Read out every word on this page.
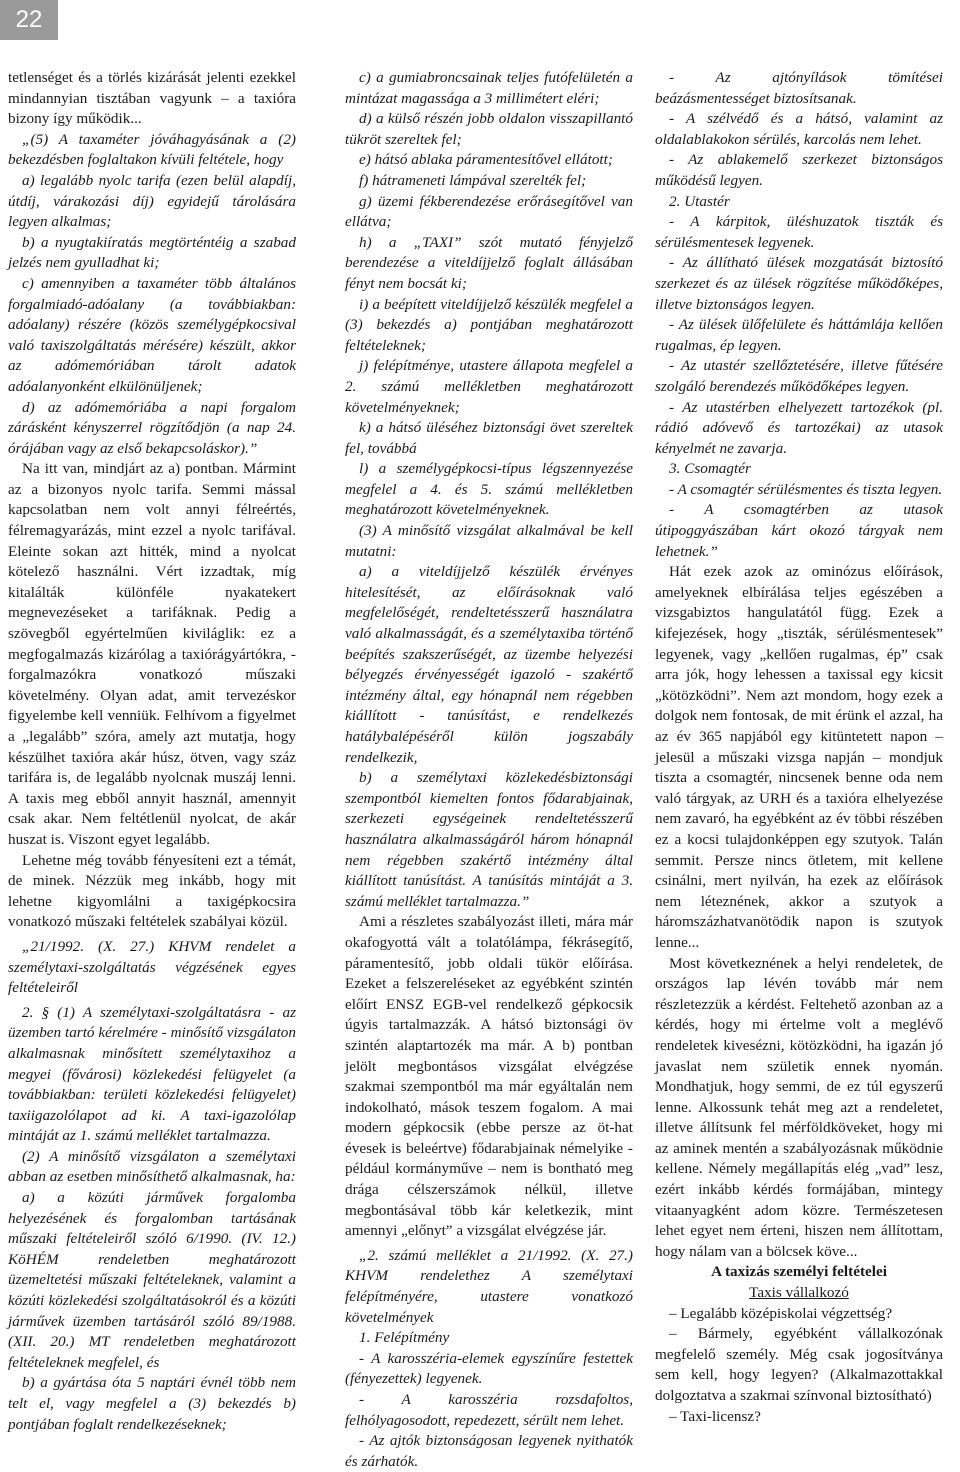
22

tetlenséget és a törlés kizárását jelenti ezekkel mindannyian tisztában vagyunk – a taxióra bizony így működik...

„(5) A taxaméter jóváhagyásának a (2) bekezdésben foglaltakon kívüli feltétele, hogy

a) legalább nyolc tarifa (ezen belül alapdíj, útdíj, várakozási díj) egyidejű tárolására legyen alkalmas;

b) a nyugtakiíratás megtörténtéig a szabad jelzés nem gyulladhat ki;

c) amennyiben a taxaméter több általános forgalmiadó-adóalany (a továbbiakban: adóalany) részére (közös személygépkocsival való taxiszolgáltatás mérésére) készült, akkor az adómemóriában tárolt adatok adóalanyonként elkülönüljenek;

d) az adómemóriába a napi forgalom zárásként kényszerrel rögzítődjön (a nap 24. órájában vagy az első bekapcsoláskor).”

Na itt van, mindjárt az a) pontban. Mármint az a bizonyos nyolc tarifa. Semmi mással kapcsolatban nem volt annyi félreértés, félremagyarázás, mint ezzel a nyolc tarifával. Eleinte sokan azt hitték, mind a nyolcat kötelező használni. Vért izzadtak, míg kitalálták különféle nyakatekert megnevezéseket a tarifáknak. Pedig a szövegből egyértelműen kiviláglik: ez a megfogalmazás kizárólag a taxiórágyártókra, -forgalmazókra vonatkozó műszaki követelmény. Olyan adat, amit tervezéskor figyelembe kell venniük. Felhívom a figyelmet a „legalább” szóra, amely azt mutatja, hogy készülhet taxióra akár húsz, ötven, vagy száz tarifára is, de legalább nyolcnak muszáj lenni. A taxis meg ebből annyit használ, amennyit csak akar. Nem feltétlenül nyolcat, de akár huszat is. Viszont egyet legalább.

Lehetne még tovább fényesíteni ezt a témát, de minek. Nézzük meg inkább, hogy mit lehetne kigyomlálni a taxigépkocsira vonatkozó műszaki feltételek szabályai közül.

„21/1992. (X. 27.) KHVM rendelet a személytaxi-szolgáltatás végzésének egyes feltételeiről

2. § (1) A személytaxi-szolgáltatásra - az üzemben tartó kérelmére - minősítő vizsgálaton alkalmasnak minősített személytaxihoz a megyei (fővárosi) közlekedési felügyelet (a továbbiakban: területi közlekedési felügyelet) taxiigazolólapot ad ki. A taxi-igazolólap mintáját az 1. számú melléklet tartalmazza.

(2) A minősítő vizsgálaton a személytaxi abban az esetben minősíthető alkalmasnak, ha:

a) a közúti járművek forgalomba helyezésének és forgalomban tartásának műszaki feltételeiről szóló 6/1990. (IV. 12.) KöHÉM rendeletben meghatározott üzemeltetési műszaki feltételeknek, valamint a közúti közlekedési szolgáltatásokról és a közúti járművek üzemben tartásáról szóló 89/1988. (XII. 20.) MT rendeletben meghatározott feltételeknek megfelel, és

b) a gyártása óta 5 naptári évnél több nem telt el, vagy megfelel a (3) bekezdés b) pontjában foglalt rendelkezéseknek;

c) a gumiabroncsainak teljes futófelületén a mintázat magassága a 3 millimétert eléri;

d) a külső részén jobb oldalon visszapillantó tükröt szereltek fel;

e) hátsó ablaka páramentesítővel ellátott;

f) hátrameneti lámpával szerelték fel;

g) üzemi fékberendezése erőrásegítővel van ellátva;

h) a „TAXI” szót mutató fényjelző berendezése a viteldíjjelző foglalt állásában fényt nem bocsát ki;

i) a beépített viteldíjjelző készülék megfelel a (3) bekezdés a) pontjában meghatározott feltételeknek;

j) felépítménye, utastere állapota megfelel a 2. számú mellékletben meghatározott követelményeknek;

k) a hátsó üléséhez biztonsági övet szereltek fel, továbbá

l) a személygépkocsi-típus légszennyezése megfelel a 4. és 5. számú mellékletben meghatározott követelményeknek.

(3) A minősítő vizsgálat alkalmával be kell mutatni:

a) a viteldíjjelző készülék érvényes hitelesítését, az előírásoknak való megfelelőségét, rendeltetésszerű használatra való alkalmasságát, és a személytaxiba történő beépítés szakszerűségét, az üzembe helyezési bélyegzés érvényességét igazoló - szakértő intézmény által, egy hónapnál nem régebben kiállított - tanúsítást, e rendelkezés hatálybalépéséről külön jogszabály rendelkezik,

b) a személytaxi közlekedésbiztonsági szempontból kiemelten fontos fődarabjainak, szerkezeti egységeinek rendeltetésszerű használatra alkalmasságáról három hónapnál nem régebben szakértő intézmény által kiállított tanúsítást. A tanúsítás mintáját a 3. számú melléklet tartalmazza.”

Ami a részletes szabályozást illeti, mára már okafogyottá vált a tolatólámpa, fékrásegítő, páramentesítő, jobb oldali tükör előírása. Ezeket a felszereléseket az egyébként szintén előírt ENSZ EGB-vel rendelkező gépkocsik úgyis tartalmazzák. A hátsó biztonsági öv szintén alaptartozék ma már. A b) pontban jelölt megbontásos vizsgálat elvégzése szakmai szempontból ma már egyáltalán nem indokolható, mások teszem fogalom. A mai modern gépkocsik (ebbe persze az öt-hat évesek is beleértve) fődarabjainak némelyike - például kormányműve – nem is bontható meg drága célszerszámok nélkül, illetve megbontásával több kár keletkezik, mint amennyi „előnyt” a vizsgálat elvégzése jár.

„2. számú melléklet a 21/1992. (X. 27.) KHVM rendelethez A személytaxi felépítményére, utastere vonatkozó követelmények

1. Felépítmény

- A karosszéria-elemek egyszínűre festettek (fényezettek) legyenek.

- A karosszéria rozsdafoltos, felhólyagosodott, repedezett, sérült nem lehet.

- Az ajtók biztonságosan legyenek nyithatók és zárhatók.

- Az ajtónyílások tömítései beázásmentességet biztosítsanak.

- A szélvédő és a hátsó, valamint az oldalablakokon sérülés, karcolás nem lehet.

- Az ablakemelő szerkezet biztonságos működésű legyen.

2. Utastér

- A kárpitok, üléshuzatok tiszták és sérülésmentesek legyenek.

- Az állítható ülések mozgatását biztosító szerkezet és az ülések rögzítése működőképes, illetve biztonságos legyen.

- Az ülések ülőfelülete és háttámlája kellően rugalmas, ép legyen.

- Az utastér szellőztetésére, illetve fűtésére szolgáló berendezés működőképes legyen.

- Az utastérben elhelyezett tartozékok (pl. rádió adóvevő és tartozékai) az utasok kényelmét ne zavarja.

3. Csomagtér

- A csomagtér sérülésmentes és tiszta legyen.

- A csomagtérben az utasok útipoggyászában kárt okozó tárgyak nem lehetnek.”

Hát ezek azok az ominózus előírások, amelyeknek elbírálása teljes egészében a vizsgabiztos hangulatától függ. Ezek a kifejezések, hogy „tiszták, sérülésmentesek” legyenek, vagy „kellően rugalmas, ép” csak arra jók, hogy lehessen a taxissal egy kicsit „kötözködni”. Nem azt mondom, hogy ezek a dolgok nem fontosak, de mit érünk el azzal, ha az év 365 napjából egy kitüntetett napon – jelesül a műszaki vizsga napján – mondjuk tiszta a csomagtér, nincsenek benne oda nem való tárgyak, az URH és a taxióra elhelyezése nem zavaró, ha egyébként az év többi részében ez a kocsi tulajdonképpen egy szutyok. Talán semmit. Persze nincs ötletem, mit kellene csinálni, mert nyilván, ha ezek az előírások nem léteznének, akkor a szutyok a háromszázhatvanötödik napon is szutyok lenne...

Most következnének a helyi rendeletek, de országos lap lévén tovább már nem részletezzük a kérdést. Feltehető azonban az a kérdés, hogy mi értelme volt a meglévő rendeletek kivesézni, kötözködni, ha igazán jó javaslat nem születik ennek nyomán. Mondhatjuk, hogy semmi, de ez túl egyszerű lenne. Alkossunk tehát meg azt a rendeletet, illetve állítsunk fel mérföldköveket, hogy mi az aminek mentén a szabályozásnak működnie kellene. Némely megállapítás elég „vad” lesz, ezért inkább kérdés formájában, mintegy vitaanyagként adom közre. Természetesen lehet egyet nem érteni, hiszen nem állítottam, hogy nálam van a bölcsek köve...

A taxizás személyi feltételei

Taxis vállalkozó

– Legalább középiskolai végzettség?

– Bármely, egyébként vállalkozónak megfelelő személy. Még csak jogosítványa sem kell, hogy legyen? (Alkalmazottakkal dolgoztatva a szakmai színvonal biztosítható)

– Taxi-licensz?
